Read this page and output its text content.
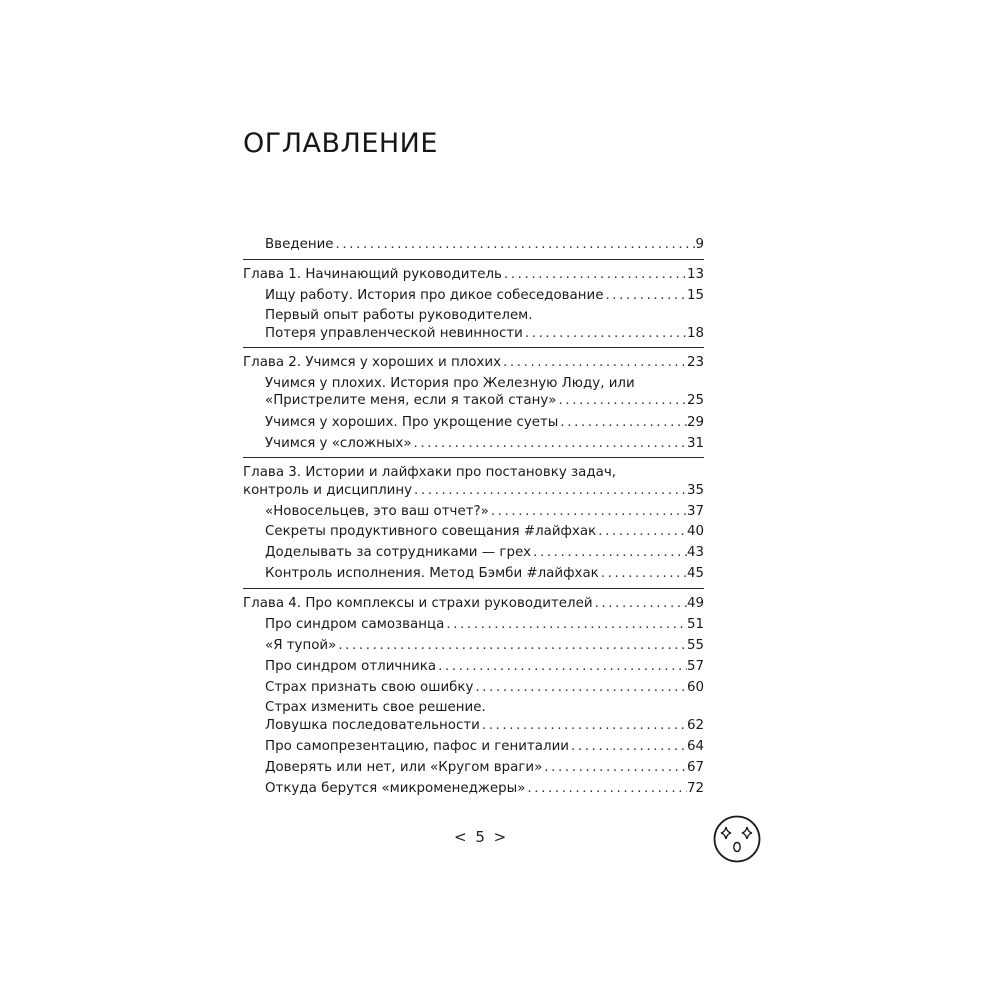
ОГЛАВЛЕНИЕ
Введение .....	9
Глава 1. Начинающий руководитель .....	13
Ищу работу. История про дикое собеседование .....	15
Первый опыт работы руководителем.
Потеря управленческой невинности .....	18
Глава 2. Учимся у хороших и плохих .....	23
Учимся у плохих. История про Железную Люду, или
«Пристрелите меня, если я такой стану» .....	25
Учимся у хороших. Про укрощение суеты .....	29
Учимся у «сложных» .....	31
Глава 3. Истории и лайфхаки про постановку задач,
контроль и дисциплину .....	35
«Новосельцев, это ваш отчет?» .....	37
Секреты продуктивного совещания #лайфхак .....	40
Доделывать за сотрудниками — грех .....	43
Контроль исполнения. Метод Бэмби #лайфхак .....	45
Глава 4. Про комплексы и страхи руководителей .....	49
Про синдром самозванца .....	51
«Я тупой» .....	55
Про синдром отличника .....	57
Страх признать свою ошибку .....	60
Страх изменить свое решение.
Ловушка последовательности .....	62
Про самопрезентацию, пафос и гениталии .....	64
Доверять или нет, или «Кругом враги» .....	67
Откуда берутся «микроменеджеры» .....	72
< 5 >
